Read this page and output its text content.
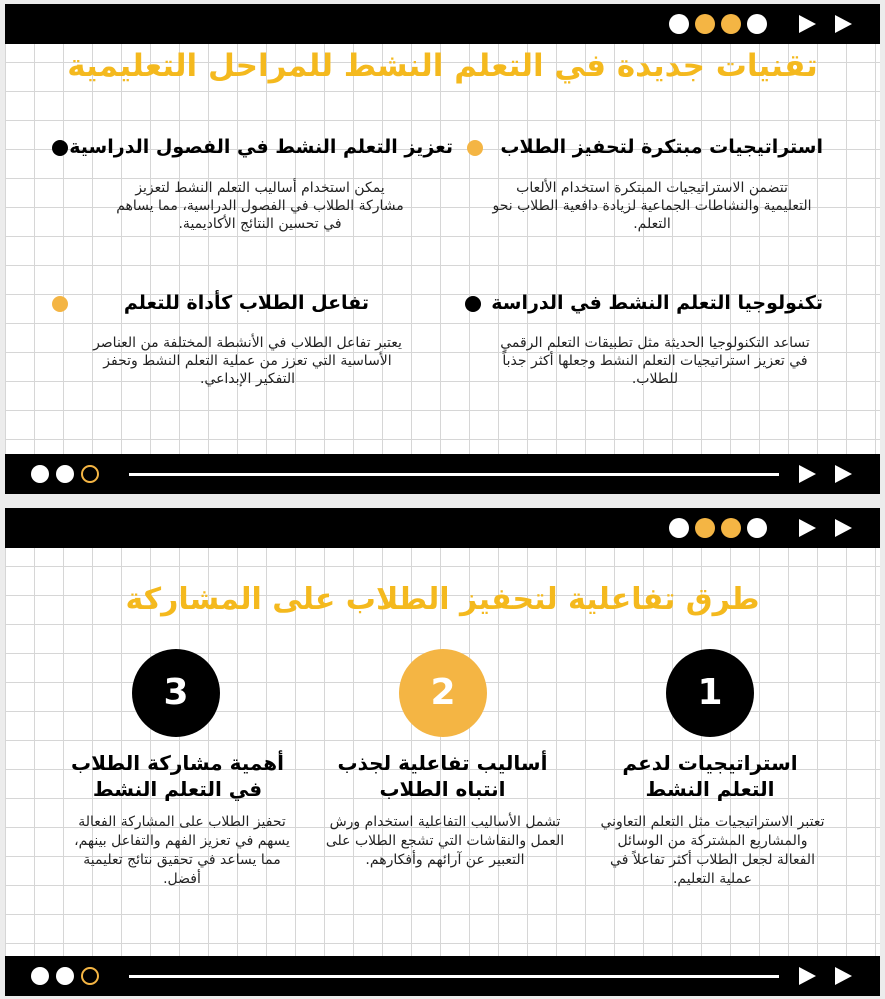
تقنيات جديدة في التعلم النشط للمراحل التعليمية
استراتيجيات مبتكرة لتحفيز الطلاب
تتضمن الاستراتيجيات المبتكرة استخدام الألعاب التعليمية والنشاطات الجماعية لزيادة دافعية الطلاب نحو التعلم.
تعزيز التعلم النشط في الفصول الدراسية
يمكن استخدام أساليب التعلم النشط لتعزيز مشاركة الطلاب في الفصول الدراسية، مما يساهم في تحسين النتائج الأكاديمية.
تكنولوجيا التعلم النشط في الدراسة
تساعد التكنولوجيا الحديثة مثل تطبيقات التعلم الرقمي في تعزيز استراتيجيات التعلم النشط وجعلها أكثر جذباً للطلاب.
تفاعل الطلاب كأداة للتعلم
يعتبر تفاعل الطلاب في الأنشطة المختلفة من العناصر الأساسية التي تعزز من عملية التعلم النشط وتحفز التفكير الإبداعي.
طرق تفاعلية لتحفيز الطلاب على المشاركة
1
استراتيجيات لدعم التعلم النشط
تعتبر الاستراتيجيات مثل التعلم التعاوني والمشاريع المشتركة من الوسائل الفعالة لجعل الطلاب أكثر تفاعلاً في عملية التعليم.
2
أساليب تفاعلية لجذب انتباه الطلاب
تشمل الأساليب التفاعلية استخدام ورش العمل والنقاشات التي تشجع الطلاب على التعبير عن آرائهم وأفكارهم.
3
أهمية مشاركة الطلاب في التعلم النشط
تحفيز الطلاب على المشاركة الفعالة يسهم في تعزيز الفهم والتفاعل بينهم، مما يساعد في تحقيق نتائج تعليمية أفضل.
